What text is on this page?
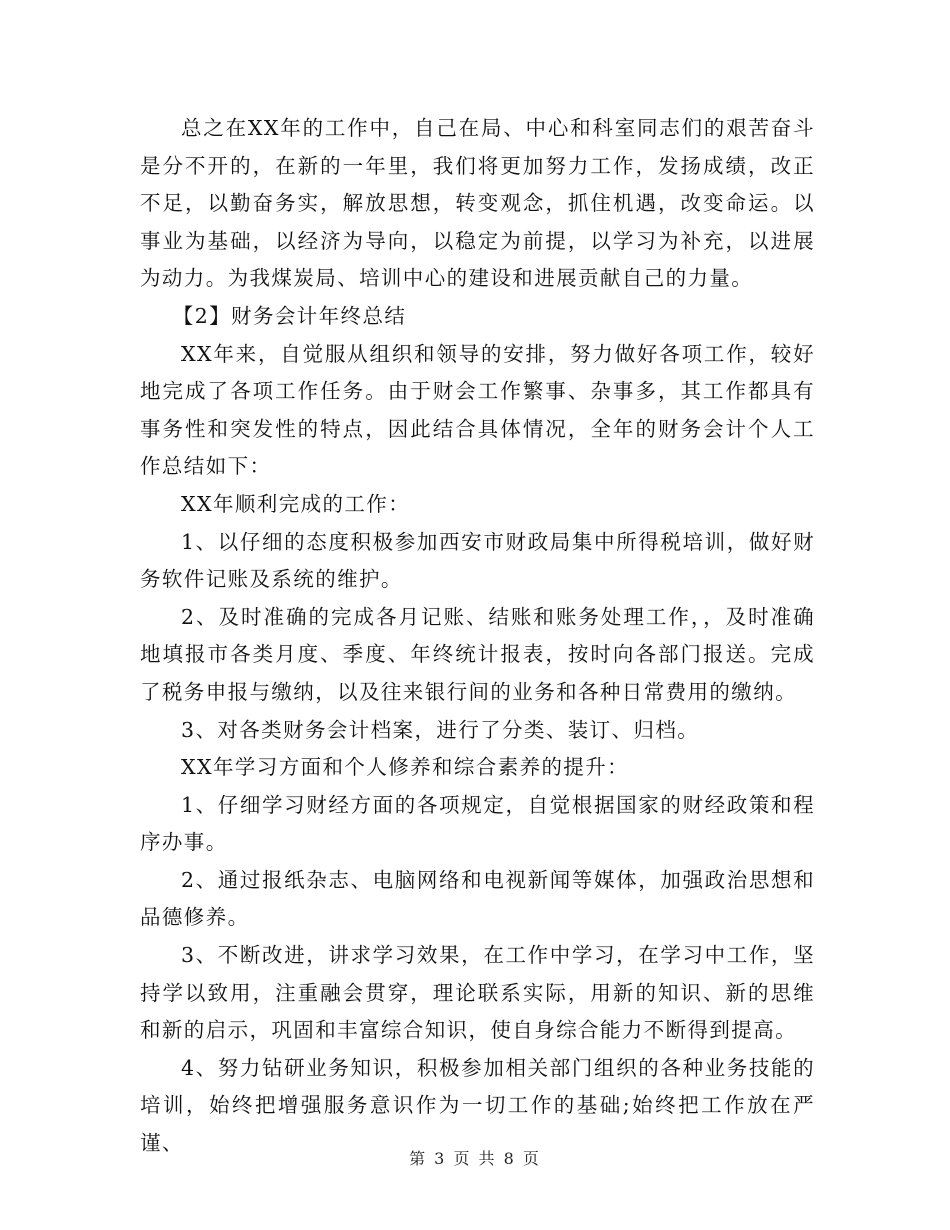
总之在XX年的工作中，自己在局、中心和科室同志们的艰苦奋斗是分不开的，在新的一年里，我们将更加努力工作，发扬成绩，改正不足，以勤奋务实，解放思想，转变观念，抓住机遇，改变命运。以事业为基础，以经济为导向，以稳定为前提，以学习为补充，以进展为动力。为我煤炭局、培训中心的建设和进展贡献自己的力量。

【2】财务会计年终总结

XX年来，自觉服从组织和领导的安排，努力做好各项工作，较好地完成了各项工作任务。由于财会工作繁事、杂事多，其工作都具有事务性和突发性的特点，因此结合具体情况，全年的财务会计个人工作总结如下：

XX年顺利完成的工作：

1、以仔细的态度积极参加西安市财政局集中所得税培训，做好财务软件记账及系统的维护。

2、及时准确的完成各月记账、结账和账务处理工作，，及时准确地填报市各类月度、季度、年终统计报表，按时向各部门报送。完成了税务申报与缴纳，以及往来银行间的业务和各种日常费用的缴纳。

3、对各类财务会计档案，进行了分类、装订、归档。

XX年学习方面和个人修养和综合素养的提升：

1、仔细学习财经方面的各项规定，自觉根据国家的财经政策和程序办事。

2、通过报纸杂志、电脑网络和电视新闻等媒体，加强政治思想和品德修养。

3、不断改进，讲求学习效果，在工作中学习，在学习中工作，坚持学以致用，注重融会贯穿，理论联系实际，用新的知识、新的思维和新的启示，巩固和丰富综合知识，使自身综合能力不断得到提高。

4、努力钻研业务知识，积极参加相关部门组织的各种业务技能的培训，始终把增强服务意识作为一切工作的基础;始终把工作放在严谨、

第 3 页 共 8 页
